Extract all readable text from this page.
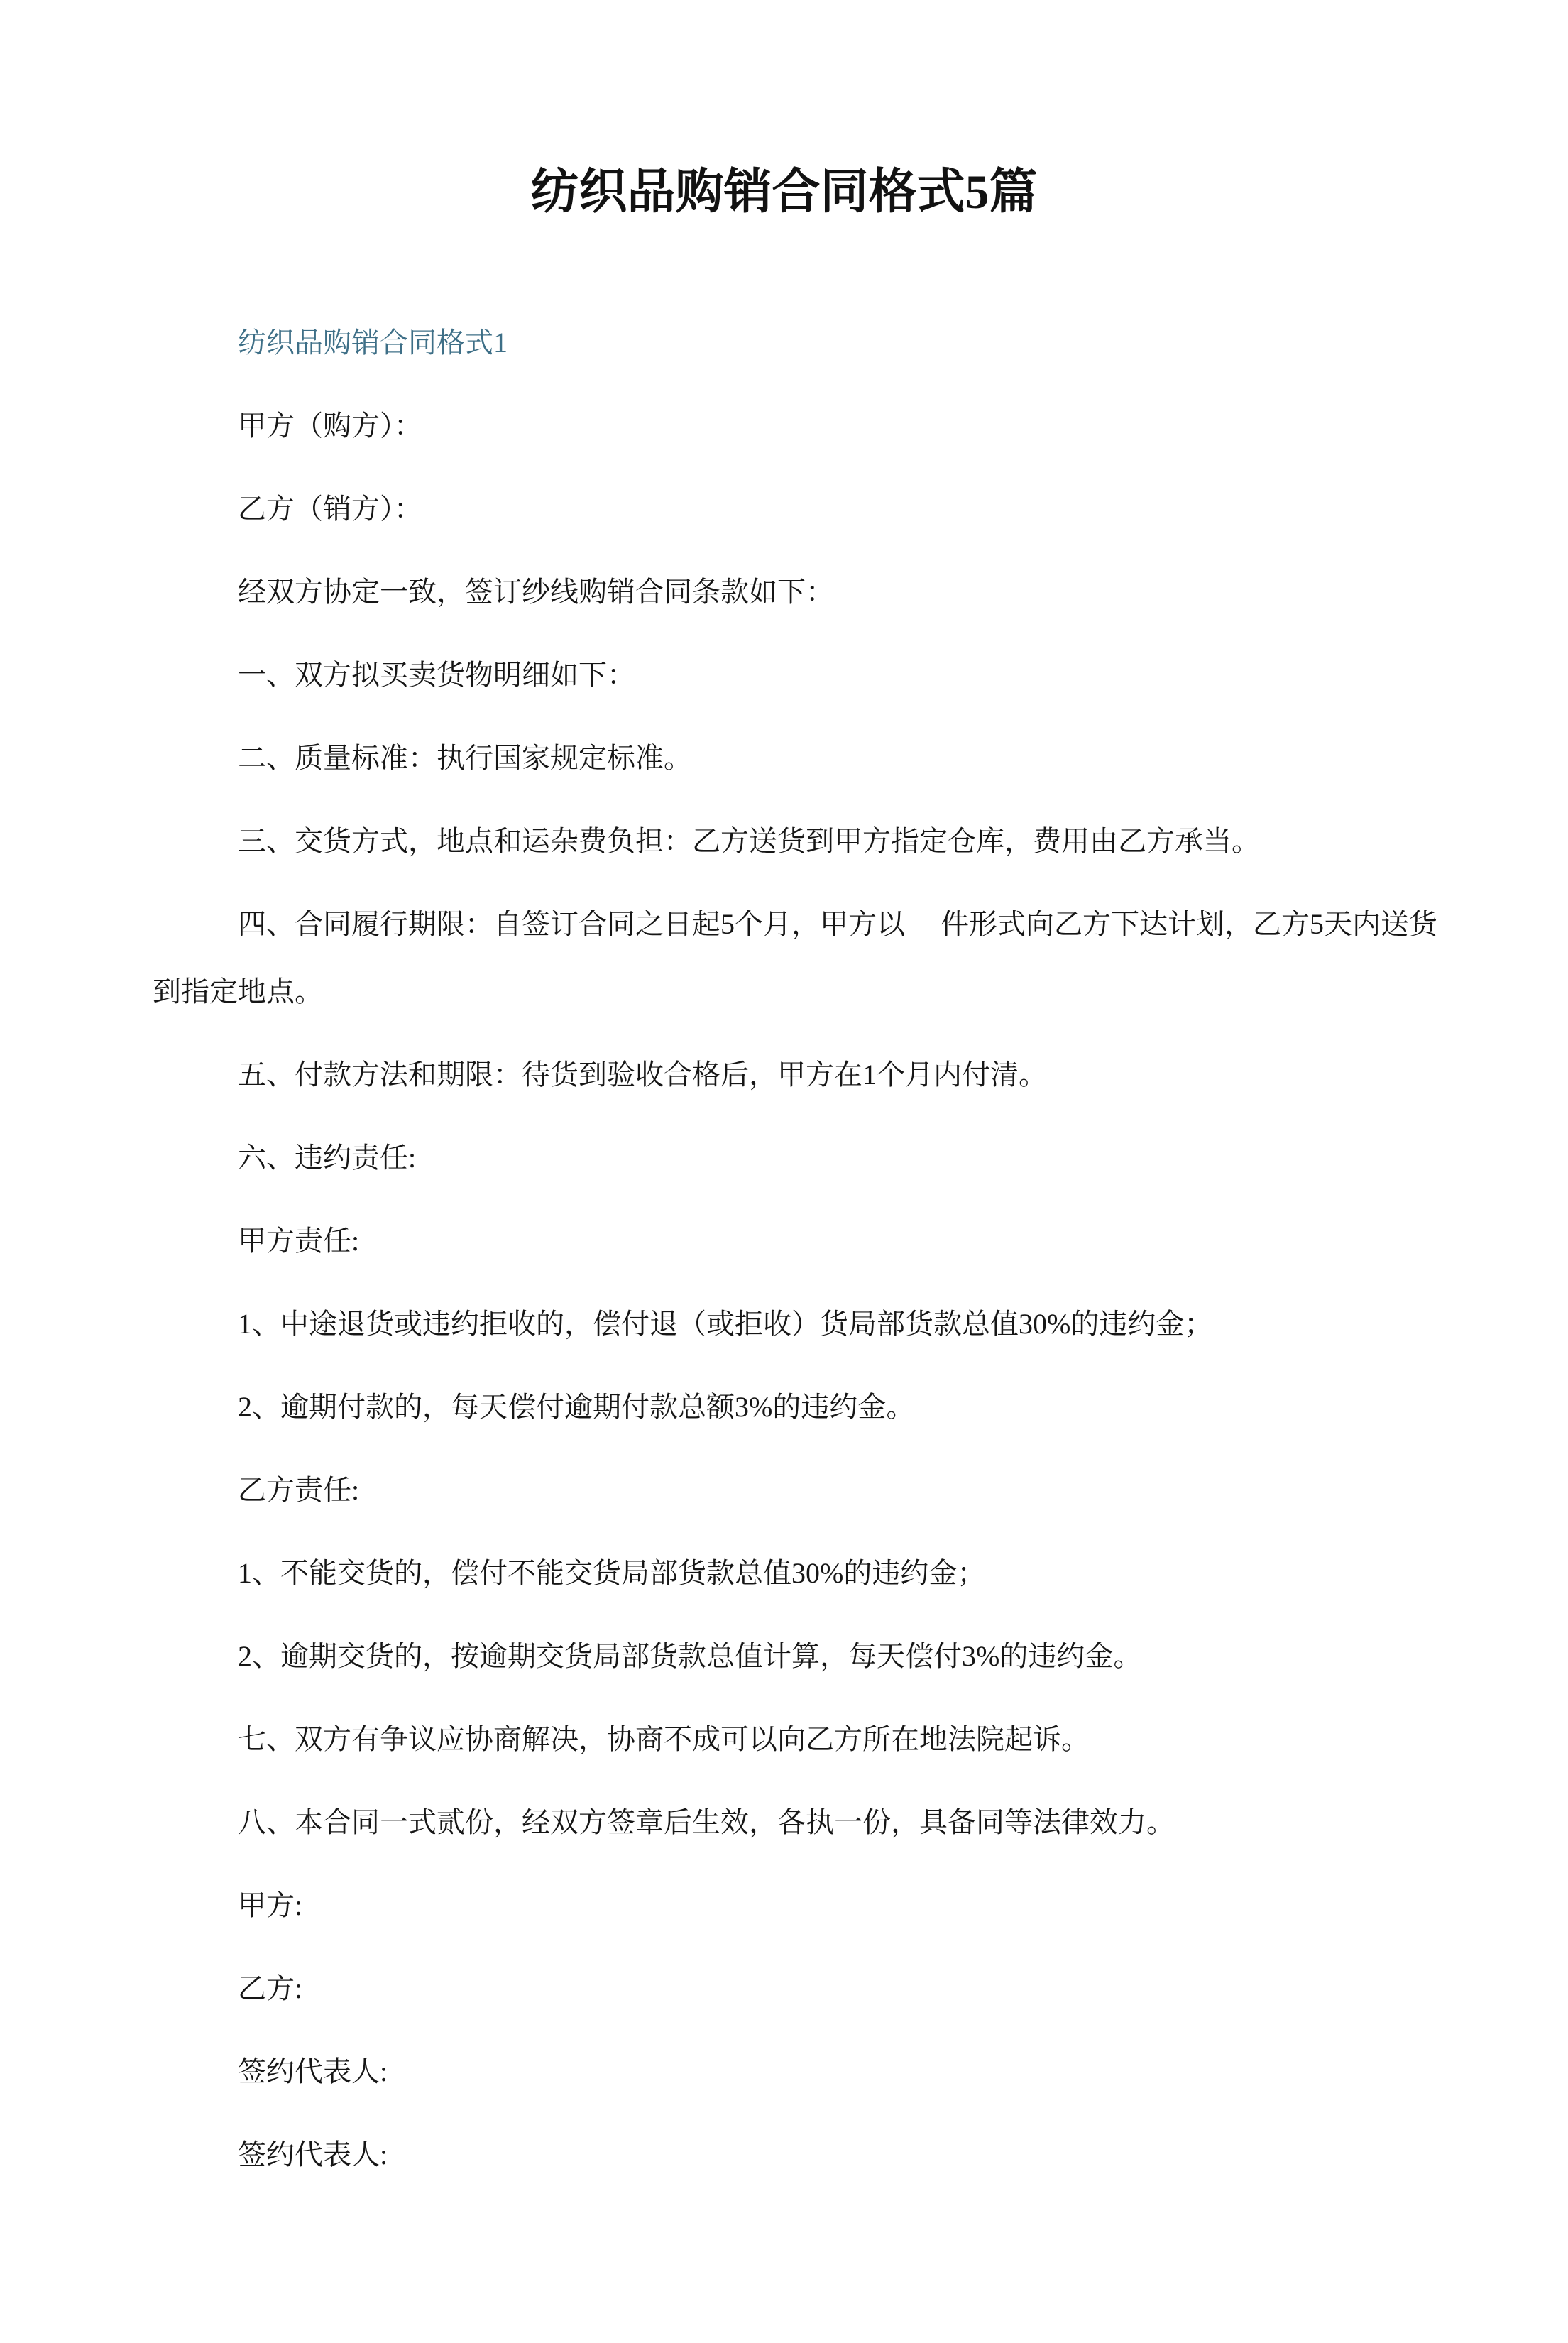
纺织品购销合同格式5篇

纺织品购销合同格式1

甲方（购方）：

乙方（销方）：

经双方协定一致，签订纱线购销合同条款如下：

一、双方拟买卖货物明细如下：

二、质量标准：执行国家规定标准。

三、交货方式，地点和运杂费负担：乙方送货到甲方指定仓库，费用由乙方承当。

四、合同履行期限：自签订合同之日起5个月，甲方以　 件形式向乙方下达计划，乙方5天内送货

到指定地点。

五、付款方法和期限：待货到验收合格后，甲方在1个月内付清。

六、违约责任:

甲方责任:

1、中途退货或违约拒收的，偿付退（或拒收）货局部货款总值30%的违约金；

2、逾期付款的，每天偿付逾期付款总额3%的违约金。

乙方责任:

1、不能交货的，偿付不能交货局部货款总值30%的违约金；

2、逾期交货的，按逾期交货局部货款总值计算，每天偿付3%的违约金。

七、双方有争议应协商解决，协商不成可以向乙方所在地法院起诉。

八、本合同一式贰份，经双方签章后生效，各执一份，具备同等法律效力。

甲方:

乙方:

签约代表人:

签约代表人:
